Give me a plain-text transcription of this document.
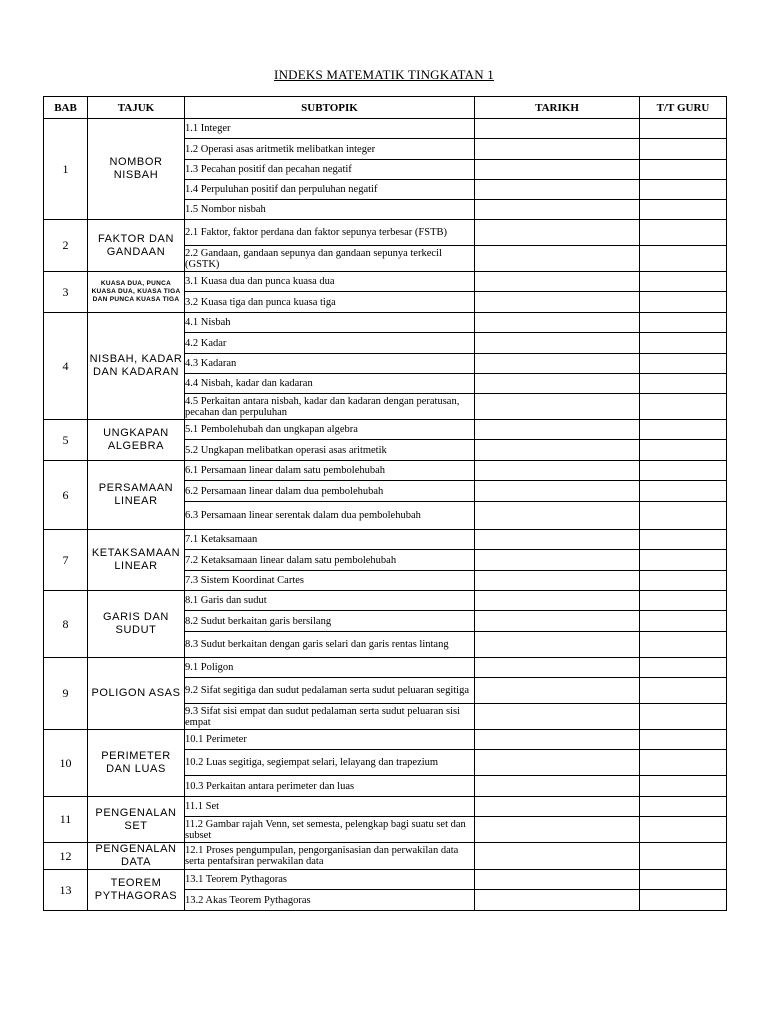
INDEKS MATEMATIK TINGKATAN 1
BAB	TAJUK	SUBTOPIK	TARIKH	T/T GURU
1	NOMBOR NISBAH	1.1 Integer		
		1.2 Operasi asas aritmetik melibatkan integer		
		1.3 Pecahan positif dan pecahan negatif		
		1.4 Perpuluhan positif dan perpuluhan negatif		
		1.5 Nombor nisbah		
2	FAKTOR DAN GANDAAN	2.1 Faktor, faktor perdana dan faktor sepunya terbesar (FSTB)		
		2.2 Gandaan, gandaan sepunya dan gandaan sepunya terkecil (GSTK)		
3	KUASA DUA, PUNCA KUASA DUA, KUASA TIGA DAN PUNCA KUASA TIGA	3.1 Kuasa dua dan punca kuasa dua		
		3.2 Kuasa tiga dan punca kuasa tiga		
4	NISBAH, KADAR DAN KADARAN	4.1 Nisbah		
		4.2 Kadar		
		4.3 Kadaran		
		4.4 Nisbah, kadar dan kadaran		
		4.5 Perkaitan antara nisbah, kadar dan kadaran dengan peratusan, pecahan dan perpuluhan		
5	UNGKAPAN ALGEBRA	5.1 Pembolehubah dan ungkapan algebra		
		5.2 Ungkapan melibatkan operasi asas aritmetik		
6	PERSAMAAN LINEAR	6.1 Persamaan linear dalam satu pembolehubah		
		6.2 Persamaan linear dalam dua pembolehubah		
		6.3 Persamaan linear serentak dalam dua pembolehubah		
7	KETAKSAMAAN LINEAR	7.1 Ketaksamaan		
		7.2 Ketaksamaan linear dalam satu pembolehubah		
		7.3 Sistem Koordinat Cartes		
8	GARIS DAN SUDUT	8.1 Garis dan sudut		
		8.2 Sudut berkaitan garis bersilang		
		8.3 Sudut berkaitan dengan garis selari dan garis rentas lintang		
9	POLIGON ASAS	9.1 Poligon		
		9.2 Sifat segitiga dan sudut pedalaman serta sudut peluaran segitiga		
		9.3 Sifat sisi empat dan sudut pedalaman serta sudut peluaran sisi empat		
10	PERIMETER DAN LUAS	10.1 Perimeter		
		10.2 Luas segitiga, segiempat selari, lelayang dan trapezium		
		10.3 Perkaitan antara perimeter dan luas		
11	PENGENALAN SET	11.1 Set		
		11.2 Gambar rajah Venn, set semesta, pelengkap bagi suatu set dan subset		
12	PENGENALAN DATA	12.1 Proses pengumpulan, pengorganisasian dan perwakilan data serta pentafsiran perwakilan data		
13	TEOREM PYTHAGORAS	13.1 Teorem Pythagoras		
		13.2 Akas Teorem Pythagoras		
